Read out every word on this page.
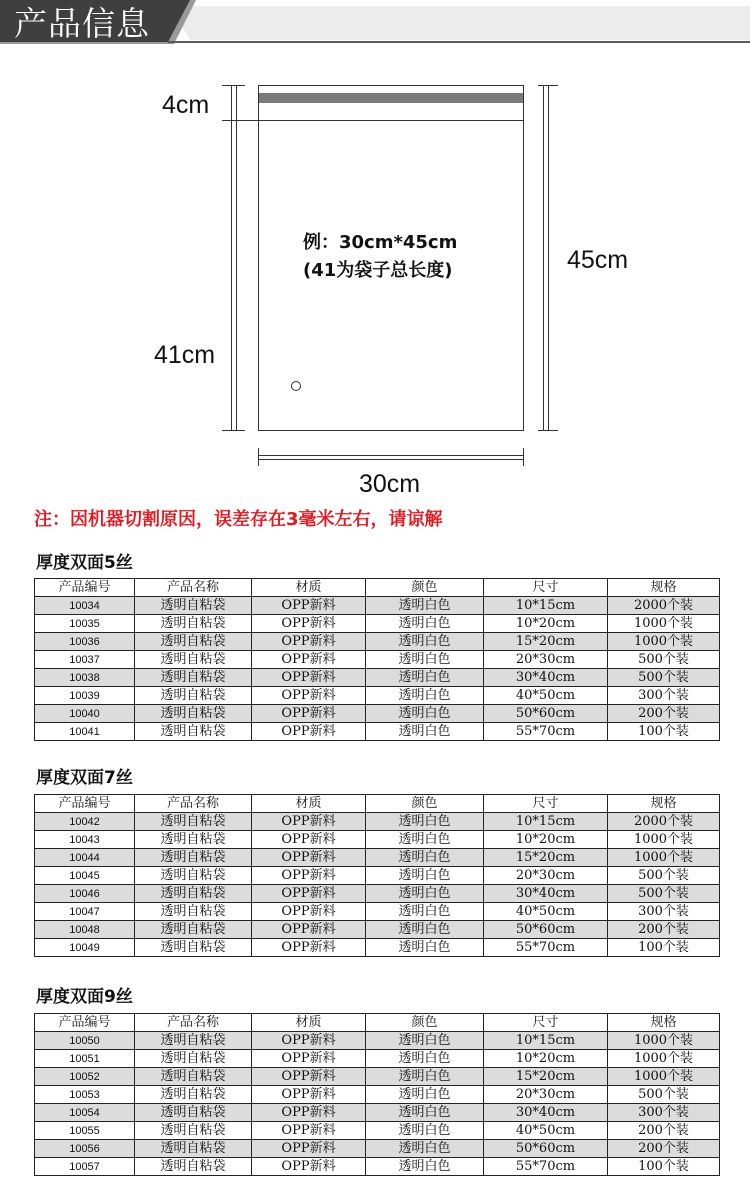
产品信息
4cm
41cm
45cm
30cm
例：30cm*45cm
(41为袋子总长度)
注：因机器切割原因，误差存在3毫米左右，请谅解
厚度双面5丝
产品编号	产品名称	材质	颜色	尺寸	规格
10034	透明自粘袋	OPP新料	透明白色	10*15cm	2000个装
10035	透明自粘袋	OPP新料	透明白色	10*20cm	1000个装
10036	透明自粘袋	OPP新料	透明白色	15*20cm	1000个装
10037	透明自粘袋	OPP新料	透明白色	20*30cm	500个装
10038	透明自粘袋	OPP新料	透明白色	30*40cm	500个装
10039	透明自粘袋	OPP新料	透明白色	40*50cm	300个装
10040	透明自粘袋	OPP新料	透明白色	50*60cm	200个装
10041	透明自粘袋	OPP新料	透明白色	55*70cm	100个装
厚度双面7丝
产品编号	产品名称	材质	颜色	尺寸	规格
10042	透明自粘袋	OPP新料	透明白色	10*15cm	2000个装
10043	透明自粘袋	OPP新料	透明白色	10*20cm	1000个装
10044	透明自粘袋	OPP新料	透明白色	15*20cm	1000个装
10045	透明自粘袋	OPP新料	透明白色	20*30cm	500个装
10046	透明自粘袋	OPP新料	透明白色	30*40cm	500个装
10047	透明自粘袋	OPP新料	透明白色	40*50cm	300个装
10048	透明自粘袋	OPP新料	透明白色	50*60cm	200个装
10049	透明自粘袋	OPP新料	透明白色	55*70cm	100个装
厚度双面9丝
产品编号	产品名称	材质	颜色	尺寸	规格
10050	透明自粘袋	OPP新料	透明白色	10*15cm	1000个装
10051	透明自粘袋	OPP新料	透明白色	10*20cm	1000个装
10052	透明自粘袋	OPP新料	透明白色	15*20cm	1000个装
10053	透明自粘袋	OPP新料	透明白色	20*30cm	500个装
10054	透明自粘袋	OPP新料	透明白色	30*40cm	300个装
10055	透明自粘袋	OPP新料	透明白色	40*50cm	200个装
10056	透明自粘袋	OPP新料	透明白色	50*60cm	200个装
10057	透明自粘袋	OPP新料	透明白色	55*70cm	100个装
